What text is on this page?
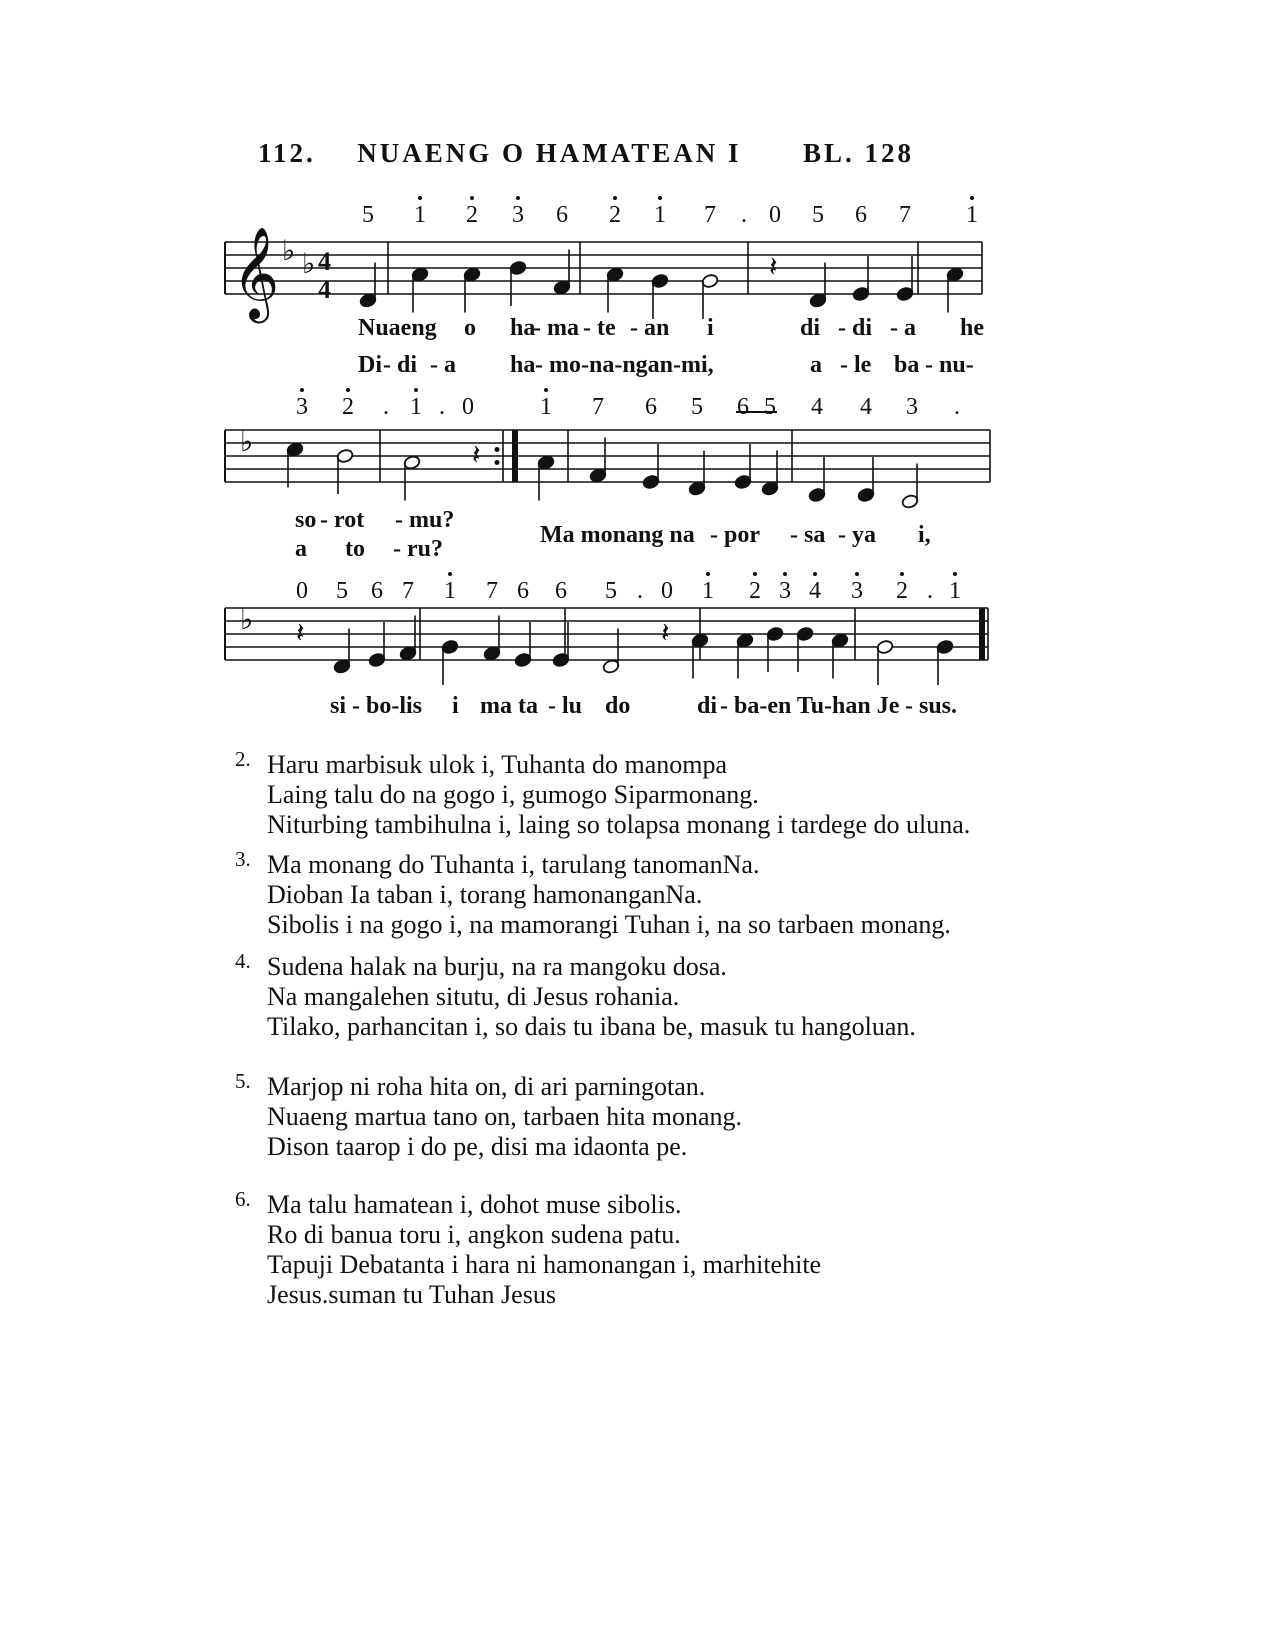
112. NUAENG O HAMATEAN I BL. 128
𝄞 ♭ ♭
♭
♭
4
4
𝄽
𝄽
𝄽	𝄽
5 1 2 3 6 2 1 7 . 0 5 6 7 1
3 2 . 1 . 0	1 7 6 5 6 5 4 4 3 .
0 5 6 7 1 7 6 6 5 . 0 1 2 3 4 3 2 . 1
Nuaeng o ha
- ma - te - an i	di - di - a he
Di - di - a ha - mo-na-ngan-mi,	a - le ba - nu-
so - rot - mu?
a to - ru?
Ma monang na - por - sa - ya i,
si - bo-lis i ma ta - lu do	di - ba-en Tu-han Je - sus.
2. Haru marbisuk ulok i, Tuhanta do manompa
Laing talu do na gogo i, gumogo Siparmonang.
Niturbing tambihulna i, laing so tolapsa monang i tardege do uluna.
3. Ma monang do Tuhanta i, tarulang tanomanNa.
Dioban Ia taban i, torang hamonanganNa.
Sibolis i na gogo i, na mamorangi Tuhan i, na so tarbaen monang.
4. Sudena halak na burju, na ra mangoku dosa.
Na mangalehen situtu, di Jesus rohania.
Tilako, parhancitan i, so dais tu ibana be, masuk tu hangoluan.
5. Marjop ni roha hita on, di ari parningotan.
Nuaeng martua tano on, tarbaen hita monang.
Dison taarop i do pe, disi ma idaonta pe.
6. Ma talu hamatean i, dohot muse sibolis.
Ro di banua toru i, angkon sudena patu.
Tapuji Debatanta i hara ni hamonangan i, marhitehite
Jesus.suman tu Tuhan Jesus
